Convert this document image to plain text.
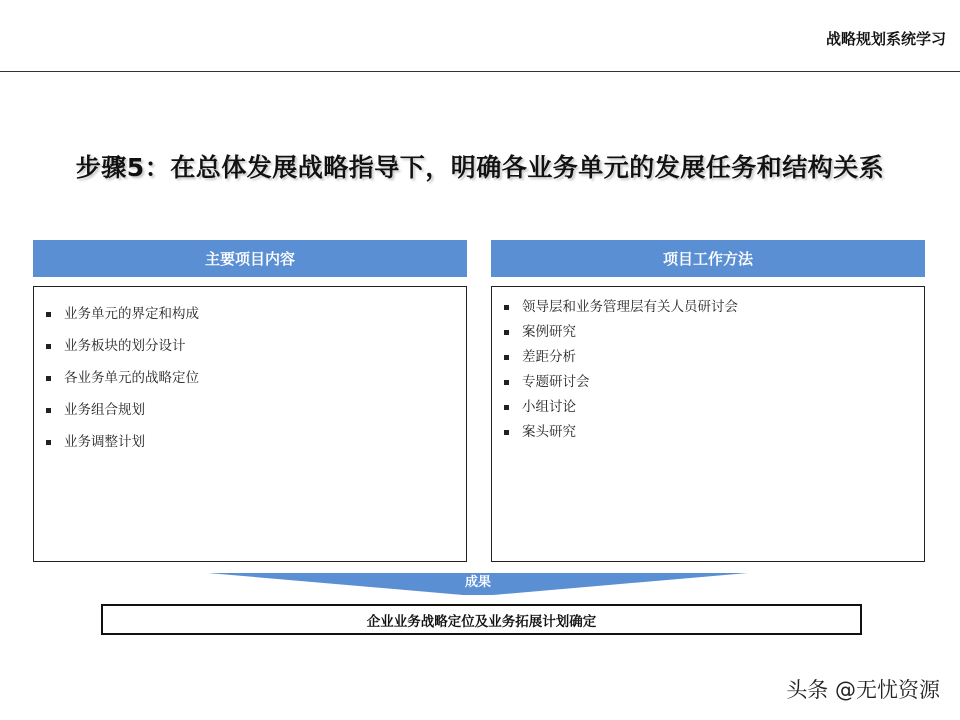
战略规划系统学习
步骤5：在总体发展战略指导下，明确各业务单元的发展任务和结构关系
主要项目内容
业务单元的界定和构成
业务板块的划分设计
各业务单元的战略定位
业务组合规划
业务调整计划
项目工作方法
领导层和业务管理层有关人员研讨会
案例研究
差距分析
专题研讨会
小组讨论
案头研究
成果
企业业务战略定位及业务拓展计划确定
头条 @无忧资源
